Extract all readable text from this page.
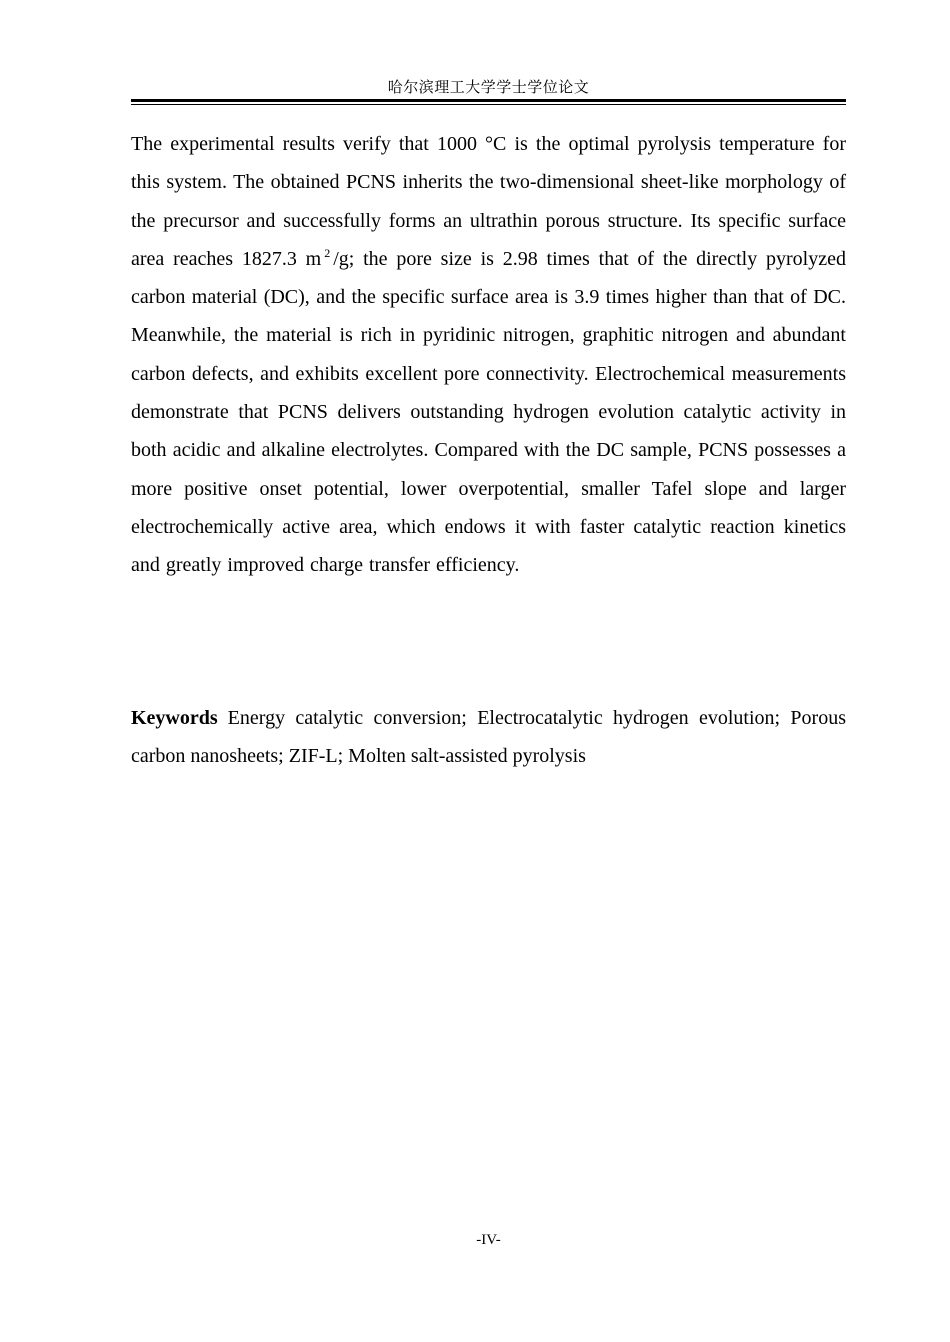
哈尔滨理工大学学士学位论文

The experimental results verify that 1000 °C is the optimal pyrolysis temperature for this system. The obtained PCNS inherits the two-dimensional sheet-like morphology of the precursor and successfully forms an ultrathin porous structure. Its specific surface area reaches 1827.3 m $^2$ /g; the pore size is 2.98 times that of the directly pyrolyzed carbon material (DC), and the specific surface area is 3.9 times higher than that of DC. Meanwhile, the material is rich in pyridinic nitrogen, graphitic nitrogen and abundant carbon defects, and exhibits excellent pore connectivity. Electrochemical measurements demonstrate that PCNS delivers outstanding hydrogen evolution catalytic activity in both acidic and alkaline electrolytes. Compared with the DC sample, PCNS possesses a more positive onset potential, lower overpotential, smaller Tafel slope and larger electrochemically active area, which endows it with faster catalytic reaction kinetics and greatly improved charge transfer efficiency.

Keywords Energy catalytic conversion; Electrocatalytic hydrogen evolution; Porous carbon nanosheets; ZIF-L; Molten salt-assisted pyrolysis

-IV-
